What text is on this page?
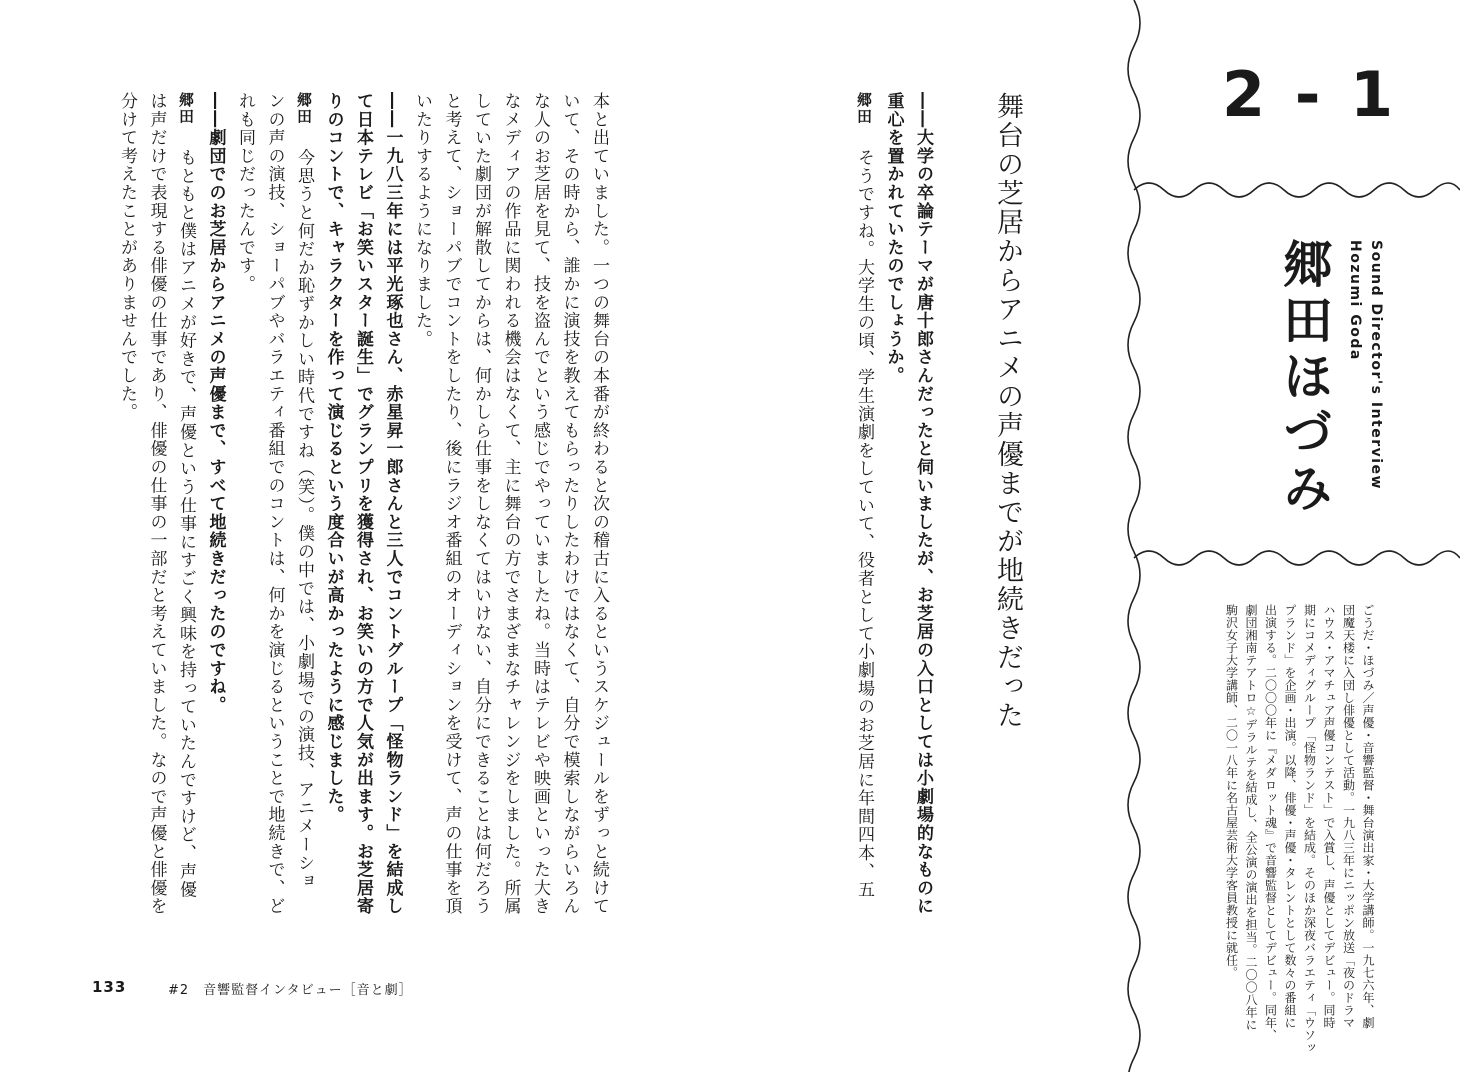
2 - 1
郷田ほづみ	Sound Director's Interview
Hozumi Goda
ごうだ・ほづみ／声優・音響監督・舞台演出家・大学講師。一九七六年、劇
団魔天楼に入団し俳優として活動。一九八三年にニッポン放送「夜のドラマ
ハウス・アマチュア声優コンテスト」で入賞し、声優としてデビュー。同時
期にコメディグループ「怪物ランド」を結成。そのほか深夜バラエティ「ウソッ
プランド」を企画・出演。以降、俳優・声優・タレントとして数々の番組に
出演する。二〇〇〇年に『メダロット魂』で音響監督としてデビュー。同年、
劇団湘南テアトロ☆デラルテを結成し、全公演の演出を担当。二〇〇八年に
駒沢女子大学講師、二〇一八年に名古屋芸術大学客員教授に就任。
舞台の芝居からアニメの声優までが地続きだった
――大学の卒論テーマが唐十郎さんだったと伺いましたが、お芝居の入口としては小劇場的なものに
重心を置かれていたのでしょうか。
郷田そうですね。大学生の頃、学生演劇をしていて、役者として小劇場のお芝居に年間四本、五
本と出ていました。一つの舞台の本番が終わると次の稽古に入るというスケジュールをずっと続けて
いて、その時から、誰かに演技を教えてもらったりしたわけではなくて、自分で模索しながらいろん
な人のお芝居を見て、技を盗んでという感じでやっていましたね。当時はテレビや映画といった大き
なメディアの作品に関われる機会はなくて、主に舞台の方でさまざまなチャレンジをしました。所属
していた劇団が解散してからは、何かしら仕事をしなくてはいけない、自分にできることは何だろう
と考えて、ショーパブでコントをしたり、後にラジオ番組のオーディションを受けて、声の仕事を頂
いたりするようになりました。
――一九八三年には平光琢也さん、赤星昇一郎さんと三人でコントグループ「怪物ランド」を結成し
て日本テレビ「お笑いスター誕生」でグランプリを獲得され、お笑いの方で人気が出ます。お芝居寄
りのコントで、キャラクターを作って演じるという度合いが高かったように感じました。
郷田今思うと何だか恥ずかしい時代ですね（笑）。僕の中では、小劇場での演技、アニメーショ
ンの声の演技、ショーパブやバラエティ番組でのコントは、何かを演じるということで地続きで、ど
れも同じだったんです。
――劇団でのお芝居からアニメの声優まで、すべて地続きだったのですね。
郷田もともと僕はアニメが好きで、声優という仕事にすごく興味を持っていたんですけど、声優
は声だけで表現する俳優の仕事であり、俳優の仕事の一部だと考えていました。なので声優と俳優を
分けて考えたことがありませんでした。
133	#2　音響監督インタビュー［音と劇］
